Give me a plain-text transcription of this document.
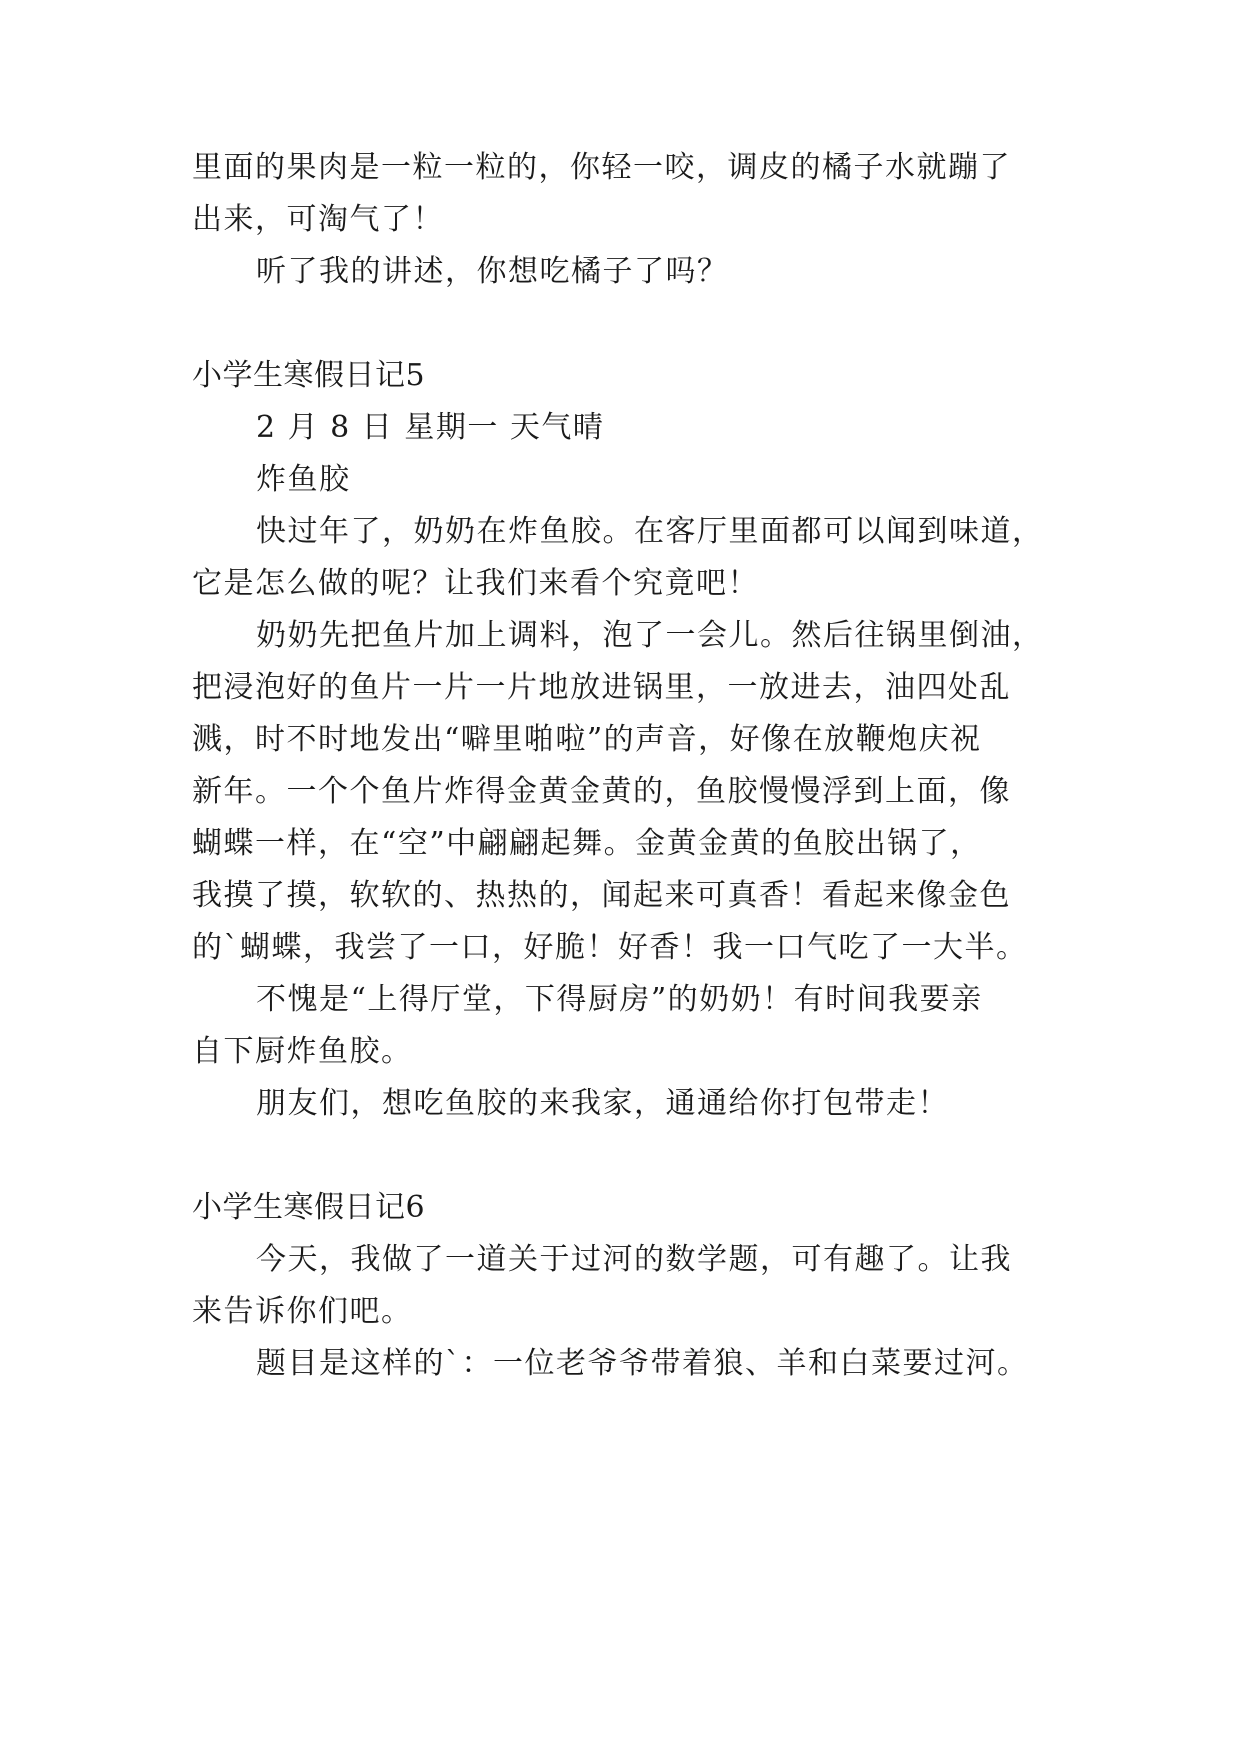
里面的果肉是一粒一粒的，你轻一咬，调皮的橘子水就蹦了
出来，可淘气了！
听了我的讲述，你想吃橘子了吗？
小学生寒假日记5
2 月 8 日 星期一 天气晴
炸鱼胶
快过年了，奶奶在炸鱼胶。在客厅里面都可以闻到味道，
它是怎么做的呢？让我们来看个究竟吧！
奶奶先把鱼片加上调料，泡了一会儿。然后往锅里倒油，
把浸泡好的鱼片一片一片地放进锅里，一放进去，油四处乱
溅，时不时地发出“噼里啪啦”的声音，好像在放鞭炮庆祝
新年。一个个鱼片炸得金黄金黄的，鱼胶慢慢浮到上面，像
蝴蝶一样，在“空”中翩翩起舞。金黄金黄的鱼胶出锅了，
我摸了摸，软软的、热热的，闻起来可真香！看起来像金色
的`蝴蝶，我尝了一口，好脆！好香！我一口气吃了一大半。
不愧是“上得厅堂，下得厨房”的奶奶！有时间我要亲
自下厨炸鱼胶。
朋友们，想吃鱼胶的来我家，通通给你打包带走！
小学生寒假日记6
今天，我做了一道关于过河的数学题，可有趣了。让我
来告诉你们吧。
题目是这样的`：一位老爷爷带着狼、羊和白菜要过河。
